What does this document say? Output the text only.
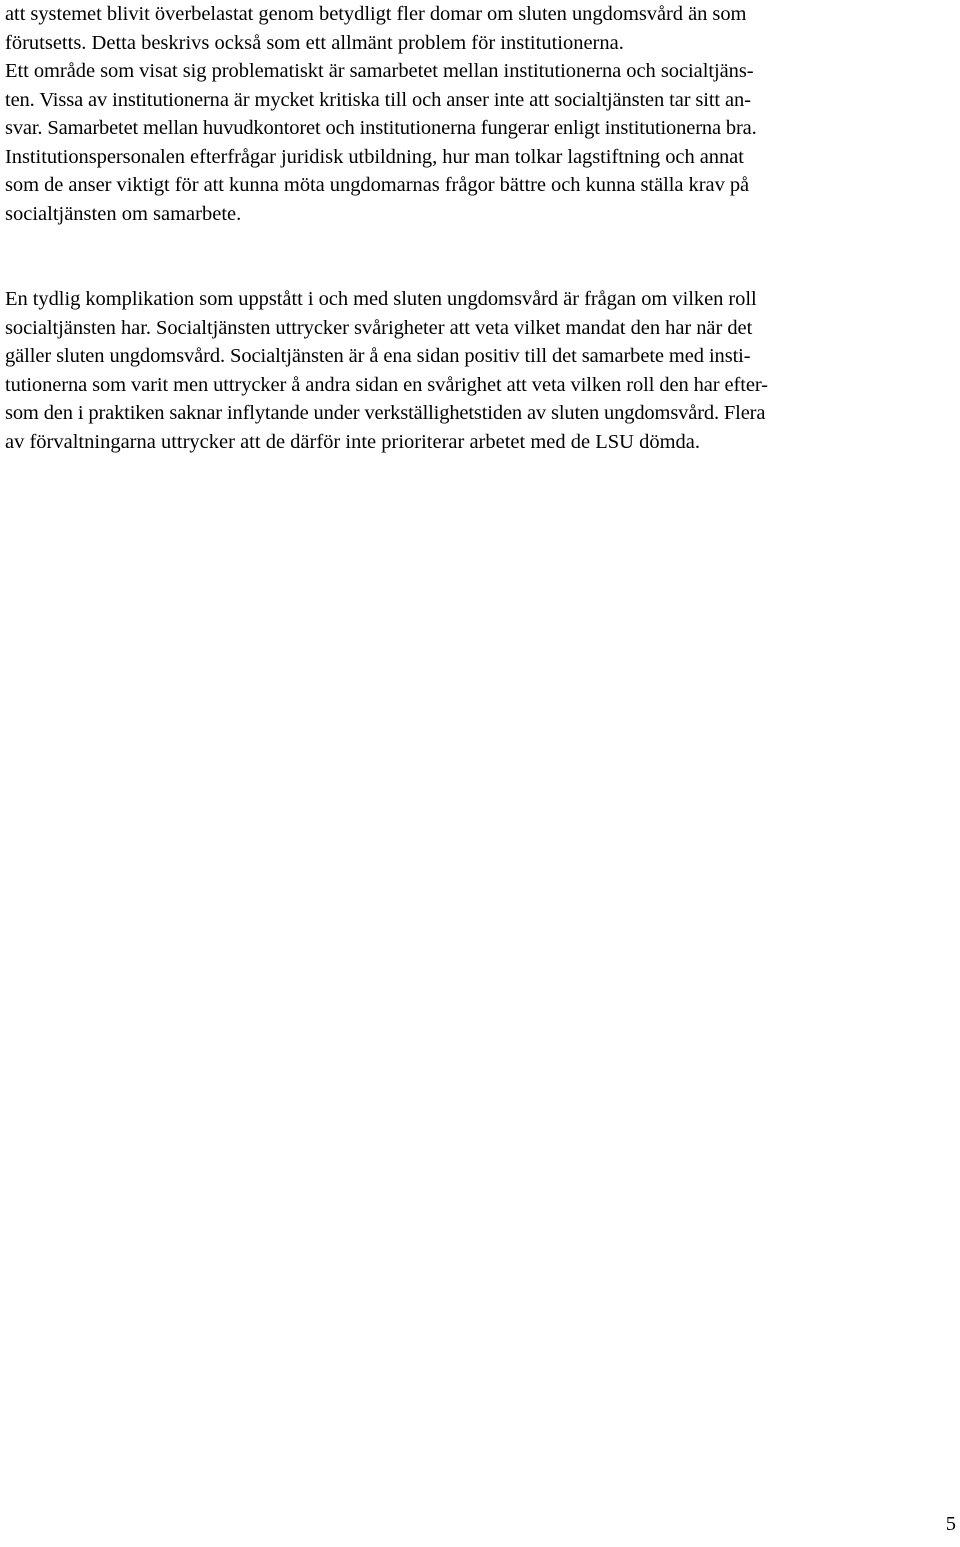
att systemet blivit överbelastat genom betydligt fler domar om sluten ungdomsvård än som
förutsetts. Detta beskrivs också som ett allmänt problem för institutionerna.
Ett område som visat sig problematiskt är samarbetet mellan institutionerna och socialtjäns-
ten. Vissa av institutionerna är mycket kritiska till och anser inte att socialtjänsten tar sitt an-
svar. Samarbetet mellan huvudkontoret och institutionerna fungerar enligt institutionerna bra.
Institutionspersonalen efterfrågar juridisk utbildning, hur man tolkar lagstiftning och annat
som de anser viktigt för att kunna möta ungdomarnas frågor bättre och kunna ställa krav på
socialtjänsten om samarbete.
En tydlig komplikation som uppstått i och med sluten ungdomsvård är frågan om vilken roll
socialtjänsten har. Socialtjänsten uttrycker svårigheter att veta vilket mandat den har när det
gäller sluten ungdomsvård. Socialtjänsten är å ena sidan positiv till det samarbete med insti-
tutionerna som varit men uttrycker å andra sidan en svårighet att veta vilken roll den har efter-
som den i praktiken saknar inflytande under verkställighetstiden av sluten ungdomsvård. Flera
av förvaltningarna uttrycker att de därför inte prioriterar arbetet med de LSU dömda.
5
